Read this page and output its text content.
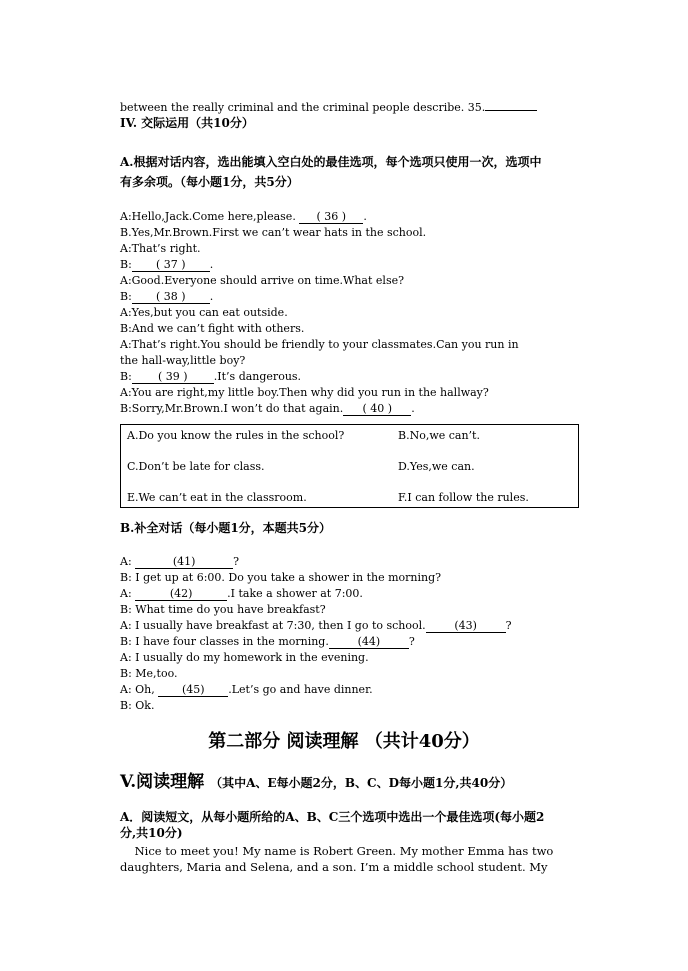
between the really criminal and the criminal people describe. 35.
IV. 交际运用（共10分）
A.根据对话内容，选出能填入空白处的最佳选项，每个选项只使用一次，选项中
有多余项。（每小题1分，共5分）
A:Hello,Jack.Come here,please. ( 36 ) .
B.Yes,Mr.Brown.First we can’t wear hats in the school.
A:That’s right.
B: ( 37 ) .
A:Good.Everyone should arrive on time.What else?
B: ( 38 ) .
A:Yes,but you can eat outside.
B:And we can’t fight with others.
A:That’s right.You should be friendly to your classmates.Can you run in
the hall-way,little boy?
B: ( 39 ) .It’s dangerous.
A:You are right,my little boy.Then why did you run in the hallway?
B:Sorry,Mr.Brown.I won’t do that again. ( 40 ) .
A.Do you know the rules in the school?	B.No,we can’t.
C.Don’t be late for class.	D.Yes,we can.
E.We can’t eat in the classroom.	F.I can follow the rules.
B.补全对话（每小题1分，本题共5分）
A:	(41)	?
B: I get up at 6:00. Do you take a shower in the morning?
A:	(42)	.I take a shower at 7:00.
B: What time do you have breakfast?
A: I usually have breakfast at 7:30, then I go to school.	(43)	?
B: I have four classes in the morning.	(44)	?
A: I usually do my homework in the evening.
B: Me,too.
A: Oh, (45) .Let’s go and have dinner.
B: Ok.
第二部分 阅读理解 （共计40分）
V.阅读理解 （其中A、E每小题2分，B、C、D每小题1分,共40分）
A．阅读短文，从每小题所给的A、B、C三个选项中选出一个最佳选项(每小题2
分,共10分)
Nice to meet you! My name is Robert Green. My mother Emma has two
daughters, Maria and Selena, and a son. I’m a middle school student. My
